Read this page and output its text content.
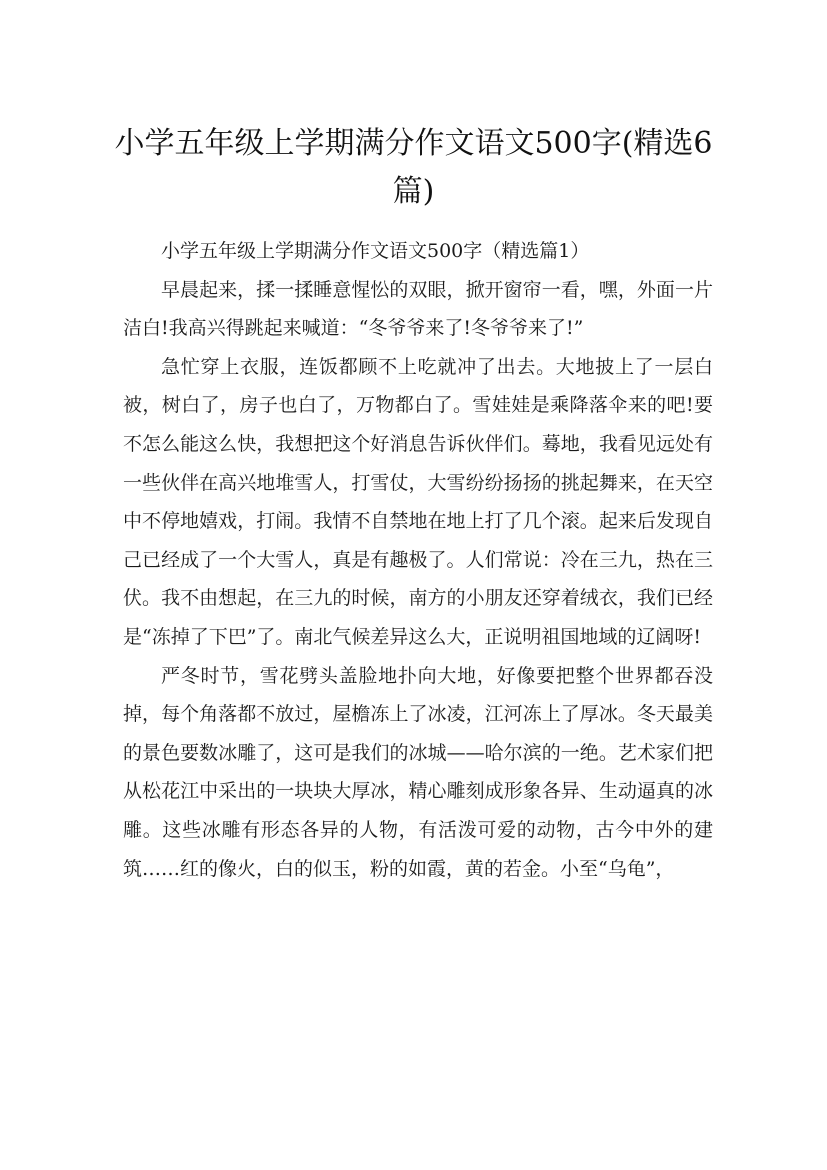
小学五年级上学期满分作文语文500字(精选6篇)

小学五年级上学期满分作文语文500字（精选篇1）

早晨起来，揉一揉睡意惺忪的双眼，掀开窗帘一看，嘿，外面一片洁白!我高兴得跳起来喊道：“冬爷爷来了!冬爷爷来了!”

急忙穿上衣服，连饭都顾不上吃就冲了出去。大地披上了一层白被，树白了，房子也白了，万物都白了。雪娃娃是乘降落伞来的吧!要不怎么能这么快，我想把这个好消息告诉伙伴们。蓦地，我看见远处有一些伙伴在高兴地堆雪人，打雪仗，大雪纷纷扬扬的挑起舞来，在天空中不停地嬉戏，打闹。我情不自禁地在地上打了几个滚。起来后发现自己已经成了一个大雪人，真是有趣极了。人们常说：冷在三九，热在三伏。我不由想起，在三九的时候，南方的小朋友还穿着绒衣，我们已经是“冻掉了下巴”了。南北气候差异这么大，正说明祖国地域的辽阔呀!

严冬时节，雪花劈头盖脸地扑向大地，好像要把整个世界都吞没掉，每个角落都不放过，屋檐冻上了冰凌，江河冻上了厚冰。冬天最美的景色要数冰雕了，这可是我们的冰城——哈尔滨的一绝。艺术家们把从松花江中采出的一块块大厚冰，精心雕刻成形象各异、生动逼真的冰雕。这些冰雕有形态各异的人物，有活泼可爱的动物，古今中外的建筑……红的像火，白的似玉，粉的如霞，黄的若金。小至“乌龟”，
